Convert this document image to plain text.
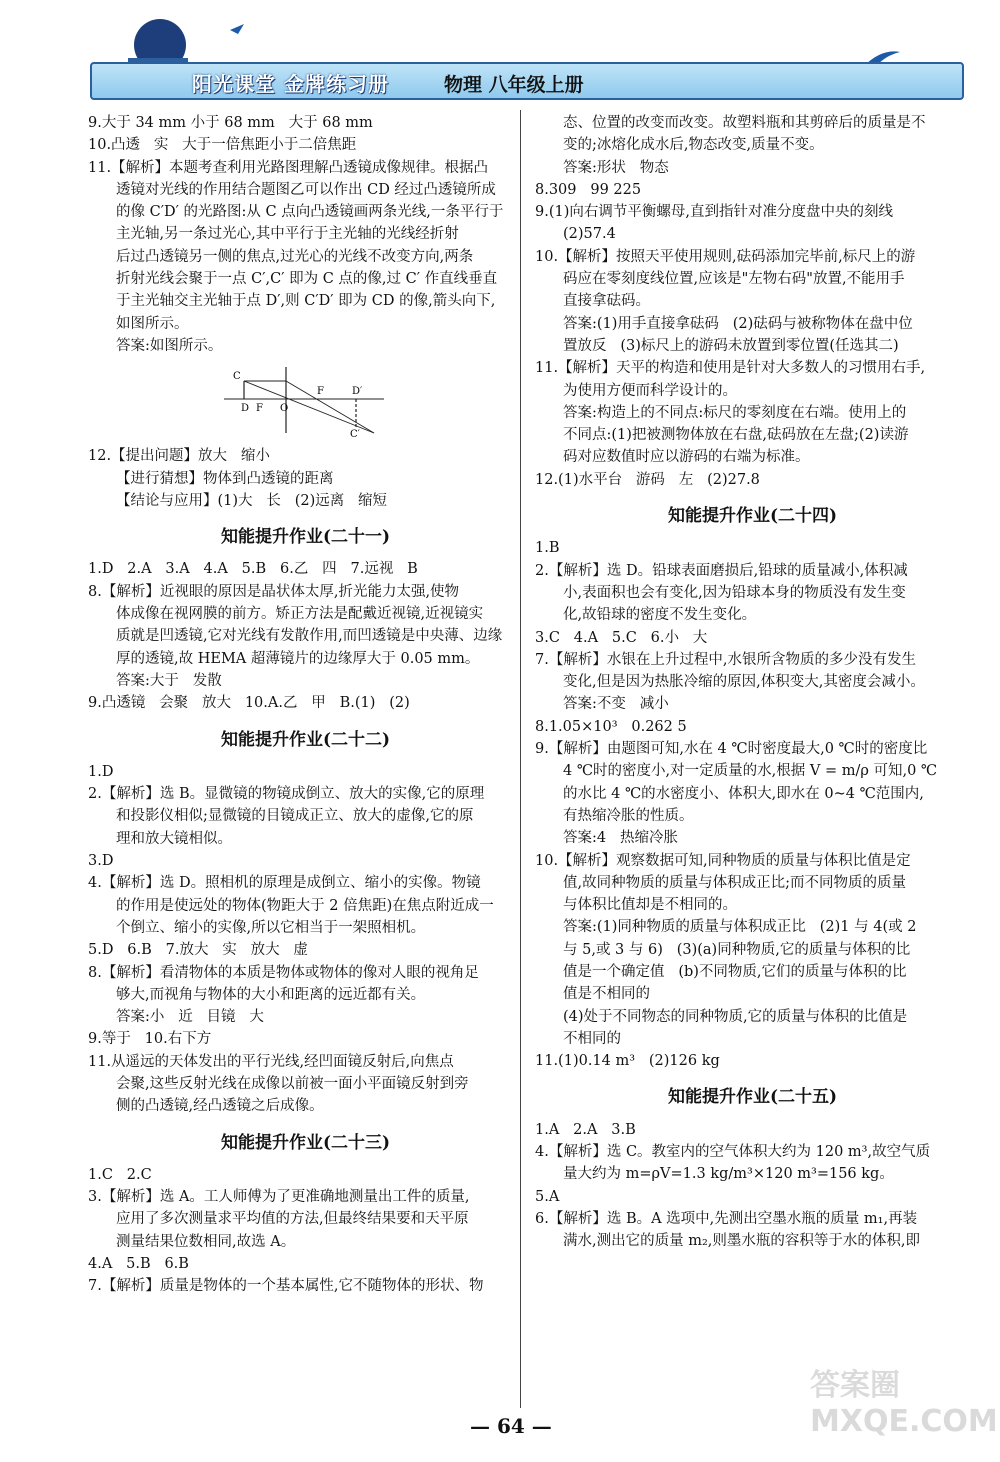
阳光课堂 金牌练习册	物理 八年级上册
9.大于 34 mm 小于 68 mm   大于 68 mm
10.凸透   实   大于一倍焦距小于二倍焦距
11.【解析】本题考查利用光路图理解凸透镜成像规律。根据凸
透镜对光线的作用结合题图乙可以作出 CD 经过凸透镜所成
的像 C′D′ 的光路图:从 C 点向凸透镜画两条光线,一条平行于
主光轴,另一条过光心,其中平行于主光轴的光线经折射
后过凸透镜另一侧的焦点,过光心的光线不改变方向,两条
折射光线会聚于一点 C′,C′ 即为 C 点的像,过 C′ 作直线垂直
于主光轴交主光轴于点 D′,则 C′D′ 即为 CD 的像,箭头向下,
如图所示。
答案:如图所示。
C
D F O
F	D′
C′
12.【提出问题】放大   缩小
【进行猜想】物体到凸透镜的距离
【结论与应用】(1)大   长   (2)远离   缩短
知能提升作业(二十一)
1.D   2.A   3.A   4.A   5.B   6.乙   四   7.远视   B
8.【解析】近视眼的原因是晶状体太厚,折光能力太强,使物
体成像在视网膜的前方。矫正方法是配戴近视镜,近视镜实
质就是凹透镜,它对光线有发散作用,而凹透镜是中央薄、边缘
厚的透镜,故 HEMA 超薄镜片的边缘厚大于 0.05 mm。
答案:大于   发散
9.凸透镜   会聚   放大   10.A.乙   甲   B.(1)   (2)
知能提升作业(二十二)
1.D
2.【解析】选 B。显微镜的物镜成倒立、放大的实像,它的原理
和投影仪相似;显微镜的目镜成正立、放大的虚像,它的原
理和放大镜相似。
3.D
4.【解析】选 D。照相机的原理是成倒立、缩小的实像。物镜
的作用是使远处的物体(物距大于 2 倍焦距)在焦点附近成一
个倒立、缩小的实像,所以它相当于一架照相机。
5.D   6.B   7.放大   实   放大   虚
8.【解析】看清物体的本质是物体或物体的像对人眼的视角足
够大,而视角与物体的大小和距离的远近都有关。
答案:小   近   目镜   大
9.等于   10.右下方
11.从遥远的天体发出的平行光线,经凹面镜反射后,向焦点
会聚,这些反射光线在成像以前被一面小平面镜反射到旁
侧的凸透镜,经凸透镜之后成像。
知能提升作业(二十三)
1.C   2.C
3.【解析】选 A。工人师傅为了更准确地测量出工件的质量,
应用了多次测量求平均值的方法,但最终结果要和天平原
测量结果位数相同,故选 A。
4.A   5.B   6.B
7.【解析】质量是物体的一个基本属性,它不随物体的形状、物
态、位置的改变而改变。故塑料瓶和其剪碎后的质量是不
变的;冰熔化成水后,物态改变,质量不变。
答案:形状   物态
8.309   99 225
9.(1)向右调节平衡螺母,直到指针对准分度盘中央的刻线
(2)57.4
10.【解析】按照天平使用规则,砝码添加完毕前,标尺上的游
码应在零刻度线位置,应该是"左物右码"放置,不能用手
直接拿砝码。
答案:(1)用手直接拿砝码   (2)砝码与被称物体在盘中位
置放反   (3)标尺上的游码未放置到零位置(任选其二)
11.【解析】天平的构造和使用是针对大多数人的习惯用右手,
为使用方便而科学设计的。
答案:构造上的不同点:标尺的零刻度在右端。使用上的
不同点:(1)把被测物体放在右盘,砝码放在左盘;(2)读游
码对应数值时应以游码的右端为标准。
12.(1)水平台   游码   左   (2)27.8
知能提升作业(二十四)
1.B
2.【解析】选 D。铅球表面磨损后,铅球的质量减小,体积减
小,表面积也会有变化,因为铅球本身的物质没有发生变
化,故铅球的密度不发生变化。
3.C   4.A   5.C   6.小   大
7.【解析】水银在上升过程中,水银所含物质的多少没有发生
变化,但是因为热胀冷缩的原因,体积变大,其密度会减小。
答案:不变   减小
8.1.05×10³   0.262 5
9.【解析】由题图可知,水在 4 ℃时密度最大,0 ℃时的密度比
4 ℃时的密度小,对一定质量的水,根据 V = m/ρ 可知,0 ℃
的水比 4 ℃的水密度小、体积大,即水在 0~4 ℃范围内,
有热缩冷胀的性质。
答案:4   热缩冷胀
10.【解析】观察数据可知,同种物质的质量与体积比值是定
值,故同种物质的质量与体积成正比;而不同物质的质量
与体积比值却是不相同的。
答案:(1)同种物质的质量与体积成正比   (2)1 与 4(或 2
与 5,或 3 与 6)   (3)(a)同种物质,它的质量与体积的比
值是一个确定值   (b)不同物质,它们的质量与体积的比
值是不相同的
(4)处于不同物态的同种物质,它的质量与体积的比值是
不相同的
11.(1)0.14 m³   (2)126 kg
知能提升作业(二十五)
1.A   2.A   3.B
4.【解析】选 C。教室内的空气体积大约为 120 m³,故空气质
量大约为 m=ρV=1.3 kg/m³×120 m³=156 kg。
5.A
6.【解析】选 B。A 选项中,先测出空墨水瓶的质量 m₁,再装
满水,测出它的质量 m₂,则墨水瓶的容积等于水的体积,即
— 64 —
答案圈
MXQE.COM
